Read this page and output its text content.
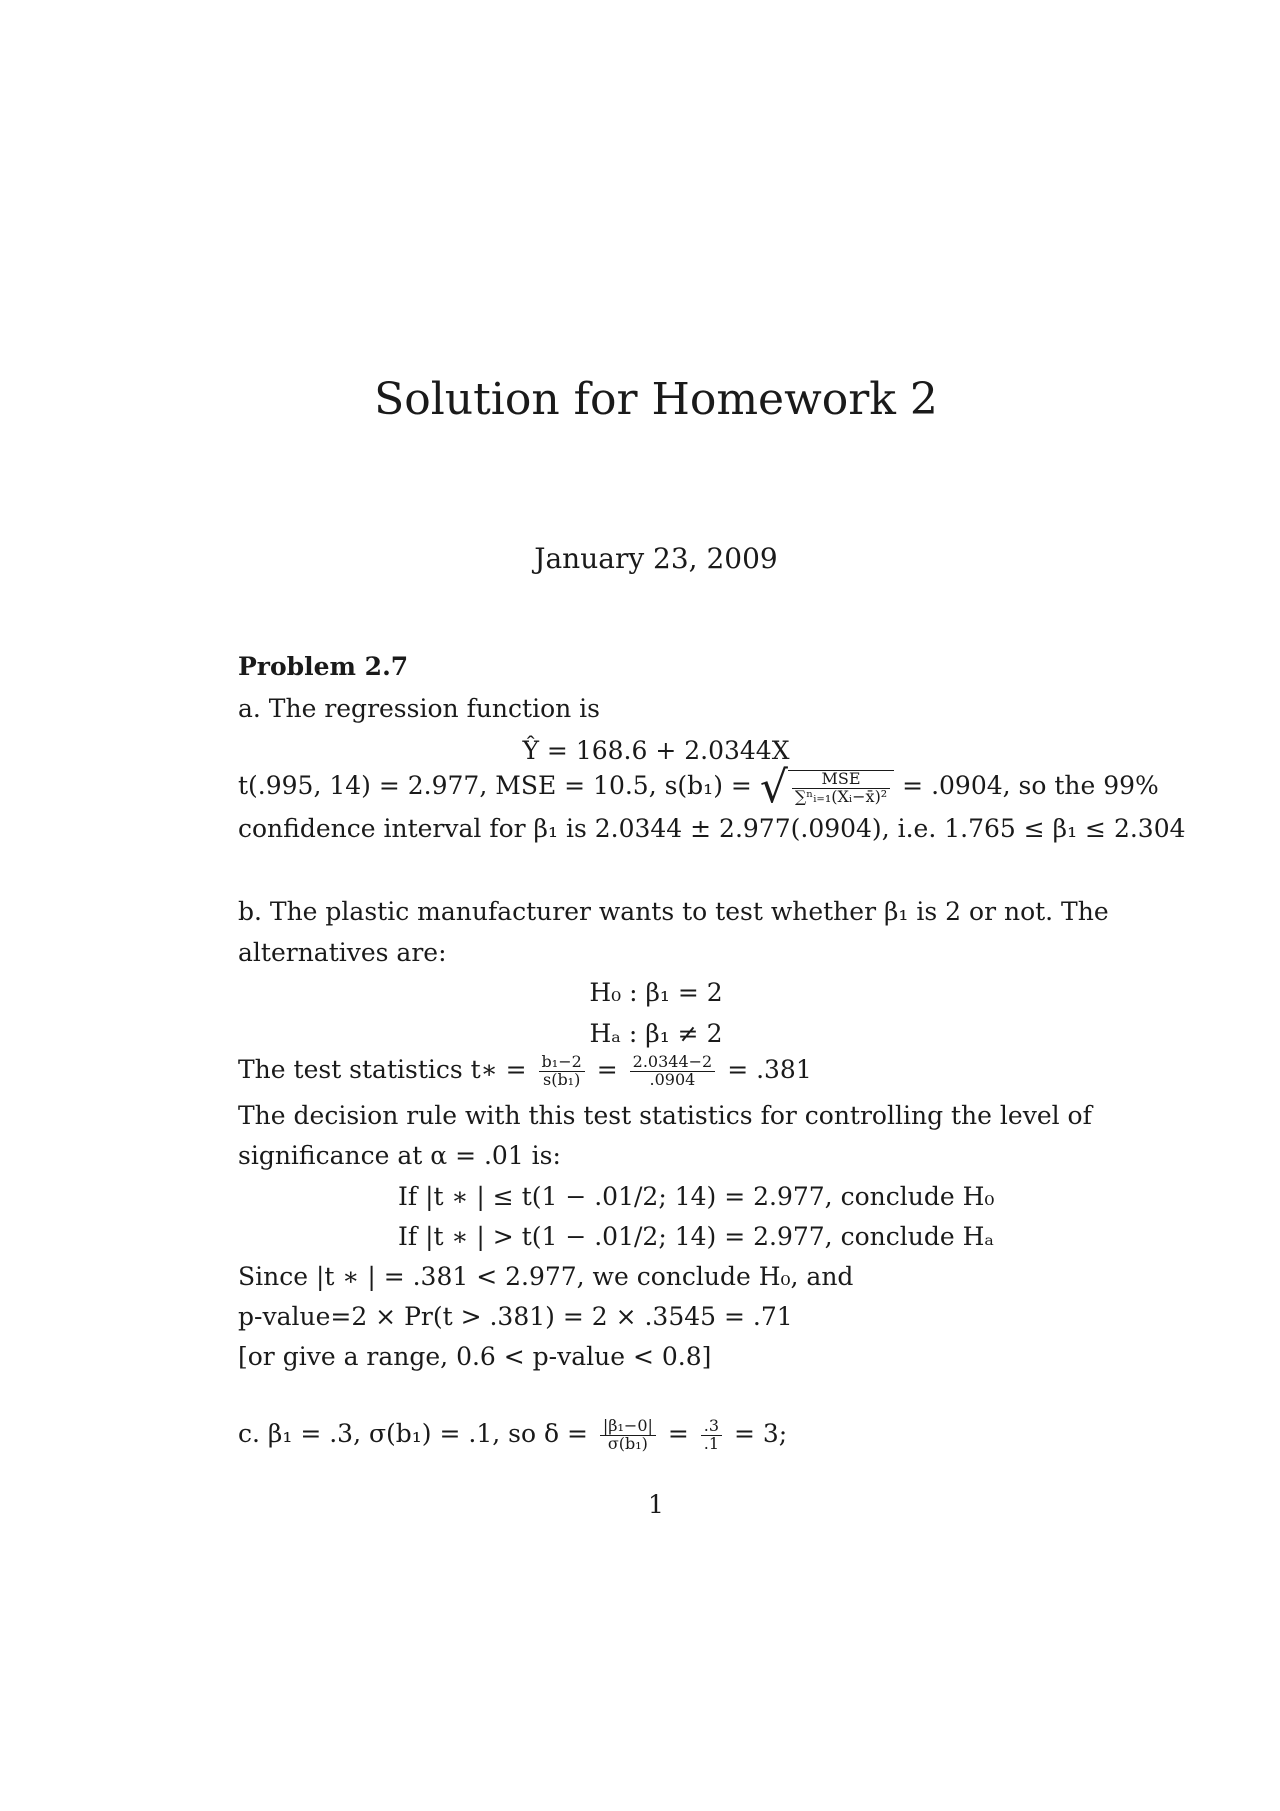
Solution for Homework 2
January 23, 2009
Problem 2.7
a. The regression function is
Ŷ = 168.6 + 2.0344X
t(.995, 14) = 2.977, MSE = 10.5, s(b₁) = √ $\frac{\text{MSE}}{\text{∑ⁿᵢ₌₁(Xᵢ−x̄)²}} = .0904$, so the 99%
confidence interval for β₁ is 2.0344 ± 2.977(.0904), i.e. 1.765 ≤ β₁ ≤ 2.304
b. The plastic manufacturer wants to test whether β₁ is 2 or not. The
alternatives are:
H₀ : β₁ = 2
Hₐ : β₁ ≠ 2
The test statistics t∗ = $\frac{\text{b₁−2}}{\text{s(b₁)}} = \frac{2.0344-2}{.0904} = .381$
The decision rule with this test statistics for controlling the level of
significance at α = .01 is:
If |t ∗ | ≤ t(1 − .01/2; 14) = 2.977, conclude H₀
If |t ∗ | > t(1 − .01/2; 14) = 2.977, conclude Hₐ
Since |t ∗ | = .381 < 2.977, we conclude H₀, and
p-value=2 × Pr(t > .381) = 2 × .3545 = .71
[or give a range, 0.6 < p-value < 0.8]
c. β₁ = .3, σ(b₁) = .1, so $\delta = \frac{\text{|β₁−0|}}{\text{σ(b₁)}} = \frac{.3}{.1} = 3$;
1
